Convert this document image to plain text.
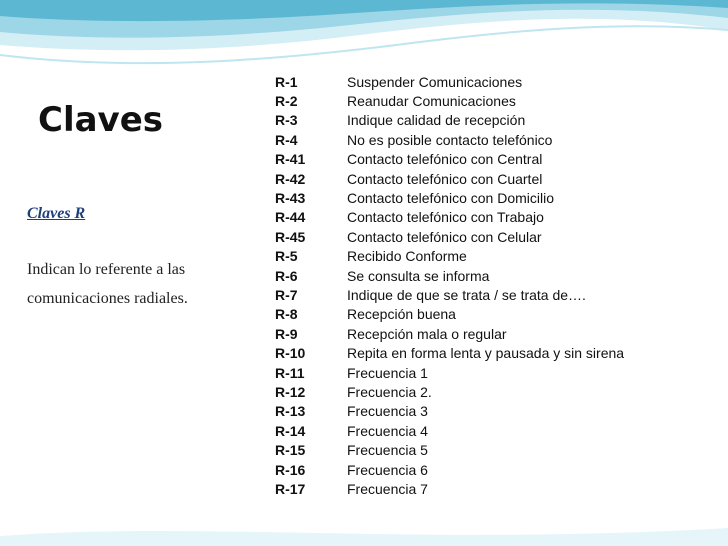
Claves
Claves R
Indican lo referente a las comunicaciones radiales.
R-1	Suspender Comunicaciones
R-2	Reanudar Comunicaciones
R-3	Indique calidad de recepción
R-4	No es posible contacto telefónico
R-41	Contacto telefónico con Central
R-42	Contacto telefónico con Cuartel
R-43	Contacto telefónico con Domicilio
R-44	Contacto telefónico con Trabajo
R-45	Contacto telefónico con Celular
R-5	Recibido Conforme
R-6	Se consulta se informa
R-7	Indique de que se trata / se trata de….
R-8	Recepción buena
R-9	Recepción mala o regular
R-10	Repita en forma lenta y pausada y sin sirena
R-11	Frecuencia 1
R-12	Frecuencia 2.
R-13	Frecuencia 3
R-14	Frecuencia 4
R-15	Frecuencia 5
R-16	Frecuencia 6
R-17	Frecuencia 7
